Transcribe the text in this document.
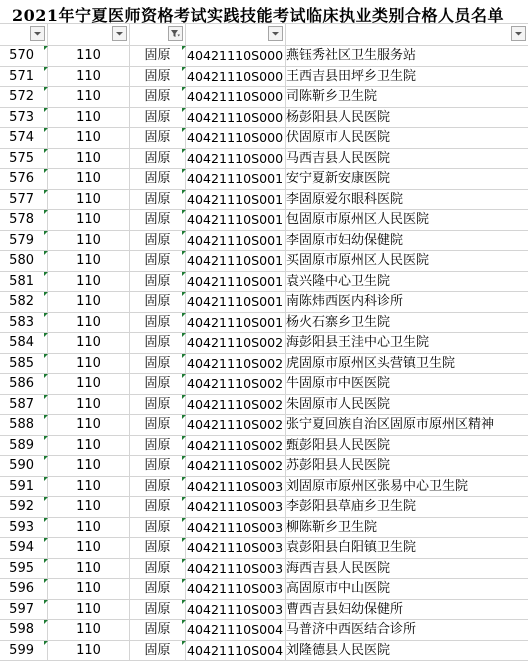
2021年宁夏医师资格考试实践技能考试临床执业类别合格人员名单
570	110	固原	40421110S000 燕钰秀社区卫生服务站
571	110	固原	40421110S000 王西吉县田坪乡卫生院
572	110	固原	40421110S000 司陈靳乡卫生院
573	110	固原	40421110S000 杨彭阳县人民医院
574	110	固原	40421110S000 伏固原市人民医院
575	110	固原	40421110S000 马西吉县人民医院
576	110	固原	40421110S001 安宁夏新安康医院
577	110	固原	40421110S001 李固原爱尔眼科医院
578	110	固原	40421110S001 包固原市原州区人民医院
579	110	固原	40421110S001 李固原市妇幼保健院
580	110	固原	40421110S001 买固原市原州区人民医院
581	110	固原	40421110S001 袁兴隆中心卫生院
582	110	固原	40421110S001 南陈炜西医内科诊所
583	110	固原	40421110S001 杨火石寨乡卫生院
584	110	固原	40421110S002 海彭阳县王洼中心卫生院
585	110	固原	40421110S002 虎固原市原州区头营镇卫生院
586	110	固原	40421110S002 牛固原市中医医院
587	110	固原	40421110S002 朱固原市人民医院
588	110	固原	40421110S002 张宁夏回族自治区固原市原州区精神
589	110	固原	40421110S002 甄彭阳县人民医院
590	110	固原	40421110S002 苏彭阳县人民医院
591	110	固原	40421110S003 刘固原市原州区张易中心卫生院
592	110	固原	40421110S003 李彭阳县草庙乡卫生院
593	110	固原	40421110S003 柳陈靳乡卫生院
594	110	固原	40421110S003 袁彭阳县白阳镇卫生院
595	110	固原	40421110S003 海西吉县人民医院
596	110	固原	40421110S003 高固原市中山医院
597	110	固原	40421110S003 曹西吉县妇幼保健所
598	110	固原	40421110S004 马普济中西医结合诊所
599	110	固原	40421110S004 刘隆德县人民医院
